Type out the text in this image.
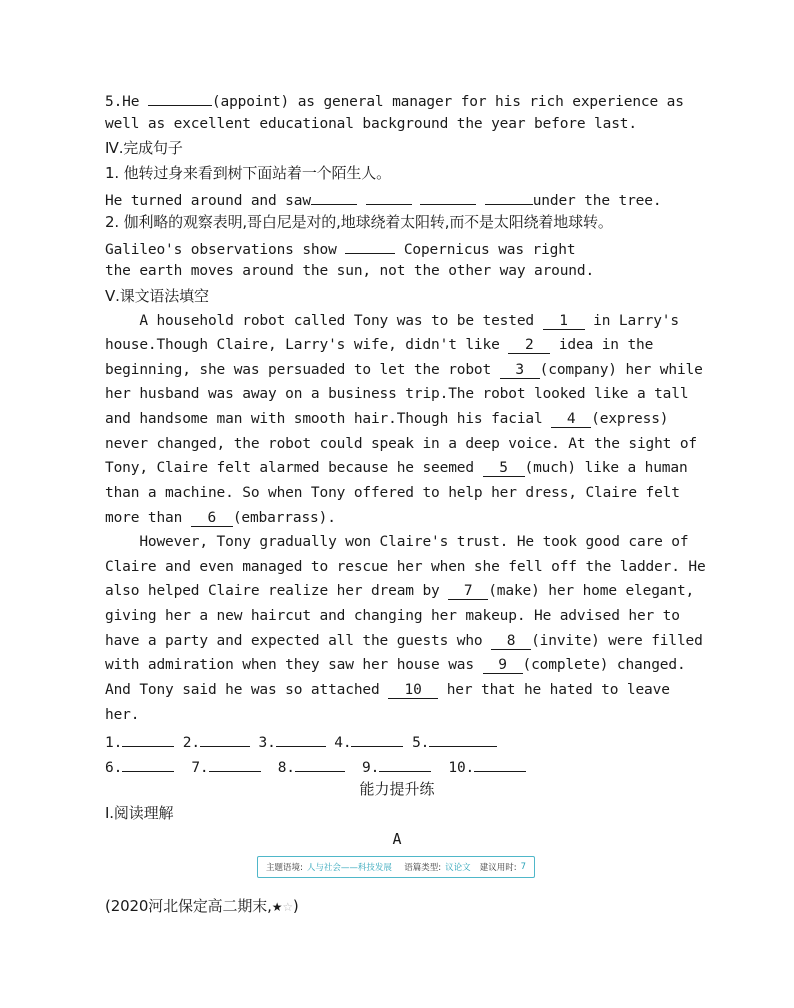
5.He	(appoint) as general manager for his rich experience as
well as excellent educational background the year before last.
Ⅳ.完成句子
1. 他转过身来看到树下面站着一个陌生人。
He turned around and saw	under the tree.
2. 伽利略的观察表明,哥白尼是对的,地球绕着太阳转,而不是太阳绕着地球转。
Galileo's observations show	Copernicus was right
the earth moves around the sun, not the other way around.
Ⅴ.课文语法填空
A household robot called Tony was to be tested 1 in Larry's
house.Though Claire, Larry's wife, didn't like 2 idea in the
beginning, she was persuaded to let the robot 3 (company) her while
her husband was away on a business trip.The robot looked like a tall
and handsome man with smooth hair.Though his facial 4 (express)
never changed, the robot could speak in a deep voice. At the sight of
Tony, Claire felt alarmed because he seemed 5 (much) like a human
than a machine. So when Tony offered to help her dress, Claire felt
more than 6 (embarrass).
However, Tony gradually won Claire's trust. He took good care of
Claire and even managed to rescue her when she fell off the ladder. He
also helped Claire realize her dream by 7 (make) her home elegant,
giving her a new haircut and changing her makeup. He advised her to
have a party and expected all the guests who 8 (invite) were filled
with admiration when they saw her house was 9 (complete) changed.
And Tony said he was so attached 10 her that he hated to leave
her.
1.	2.	3.	4.	5.
6.	7.	8.	9.	10.
能力提升练
Ⅰ.阅读理解
A
主题语境: 人与社会——科技发展 语篇类型: 议论文 建议用时: 7
(2020河北保定高二期末,★☆)
